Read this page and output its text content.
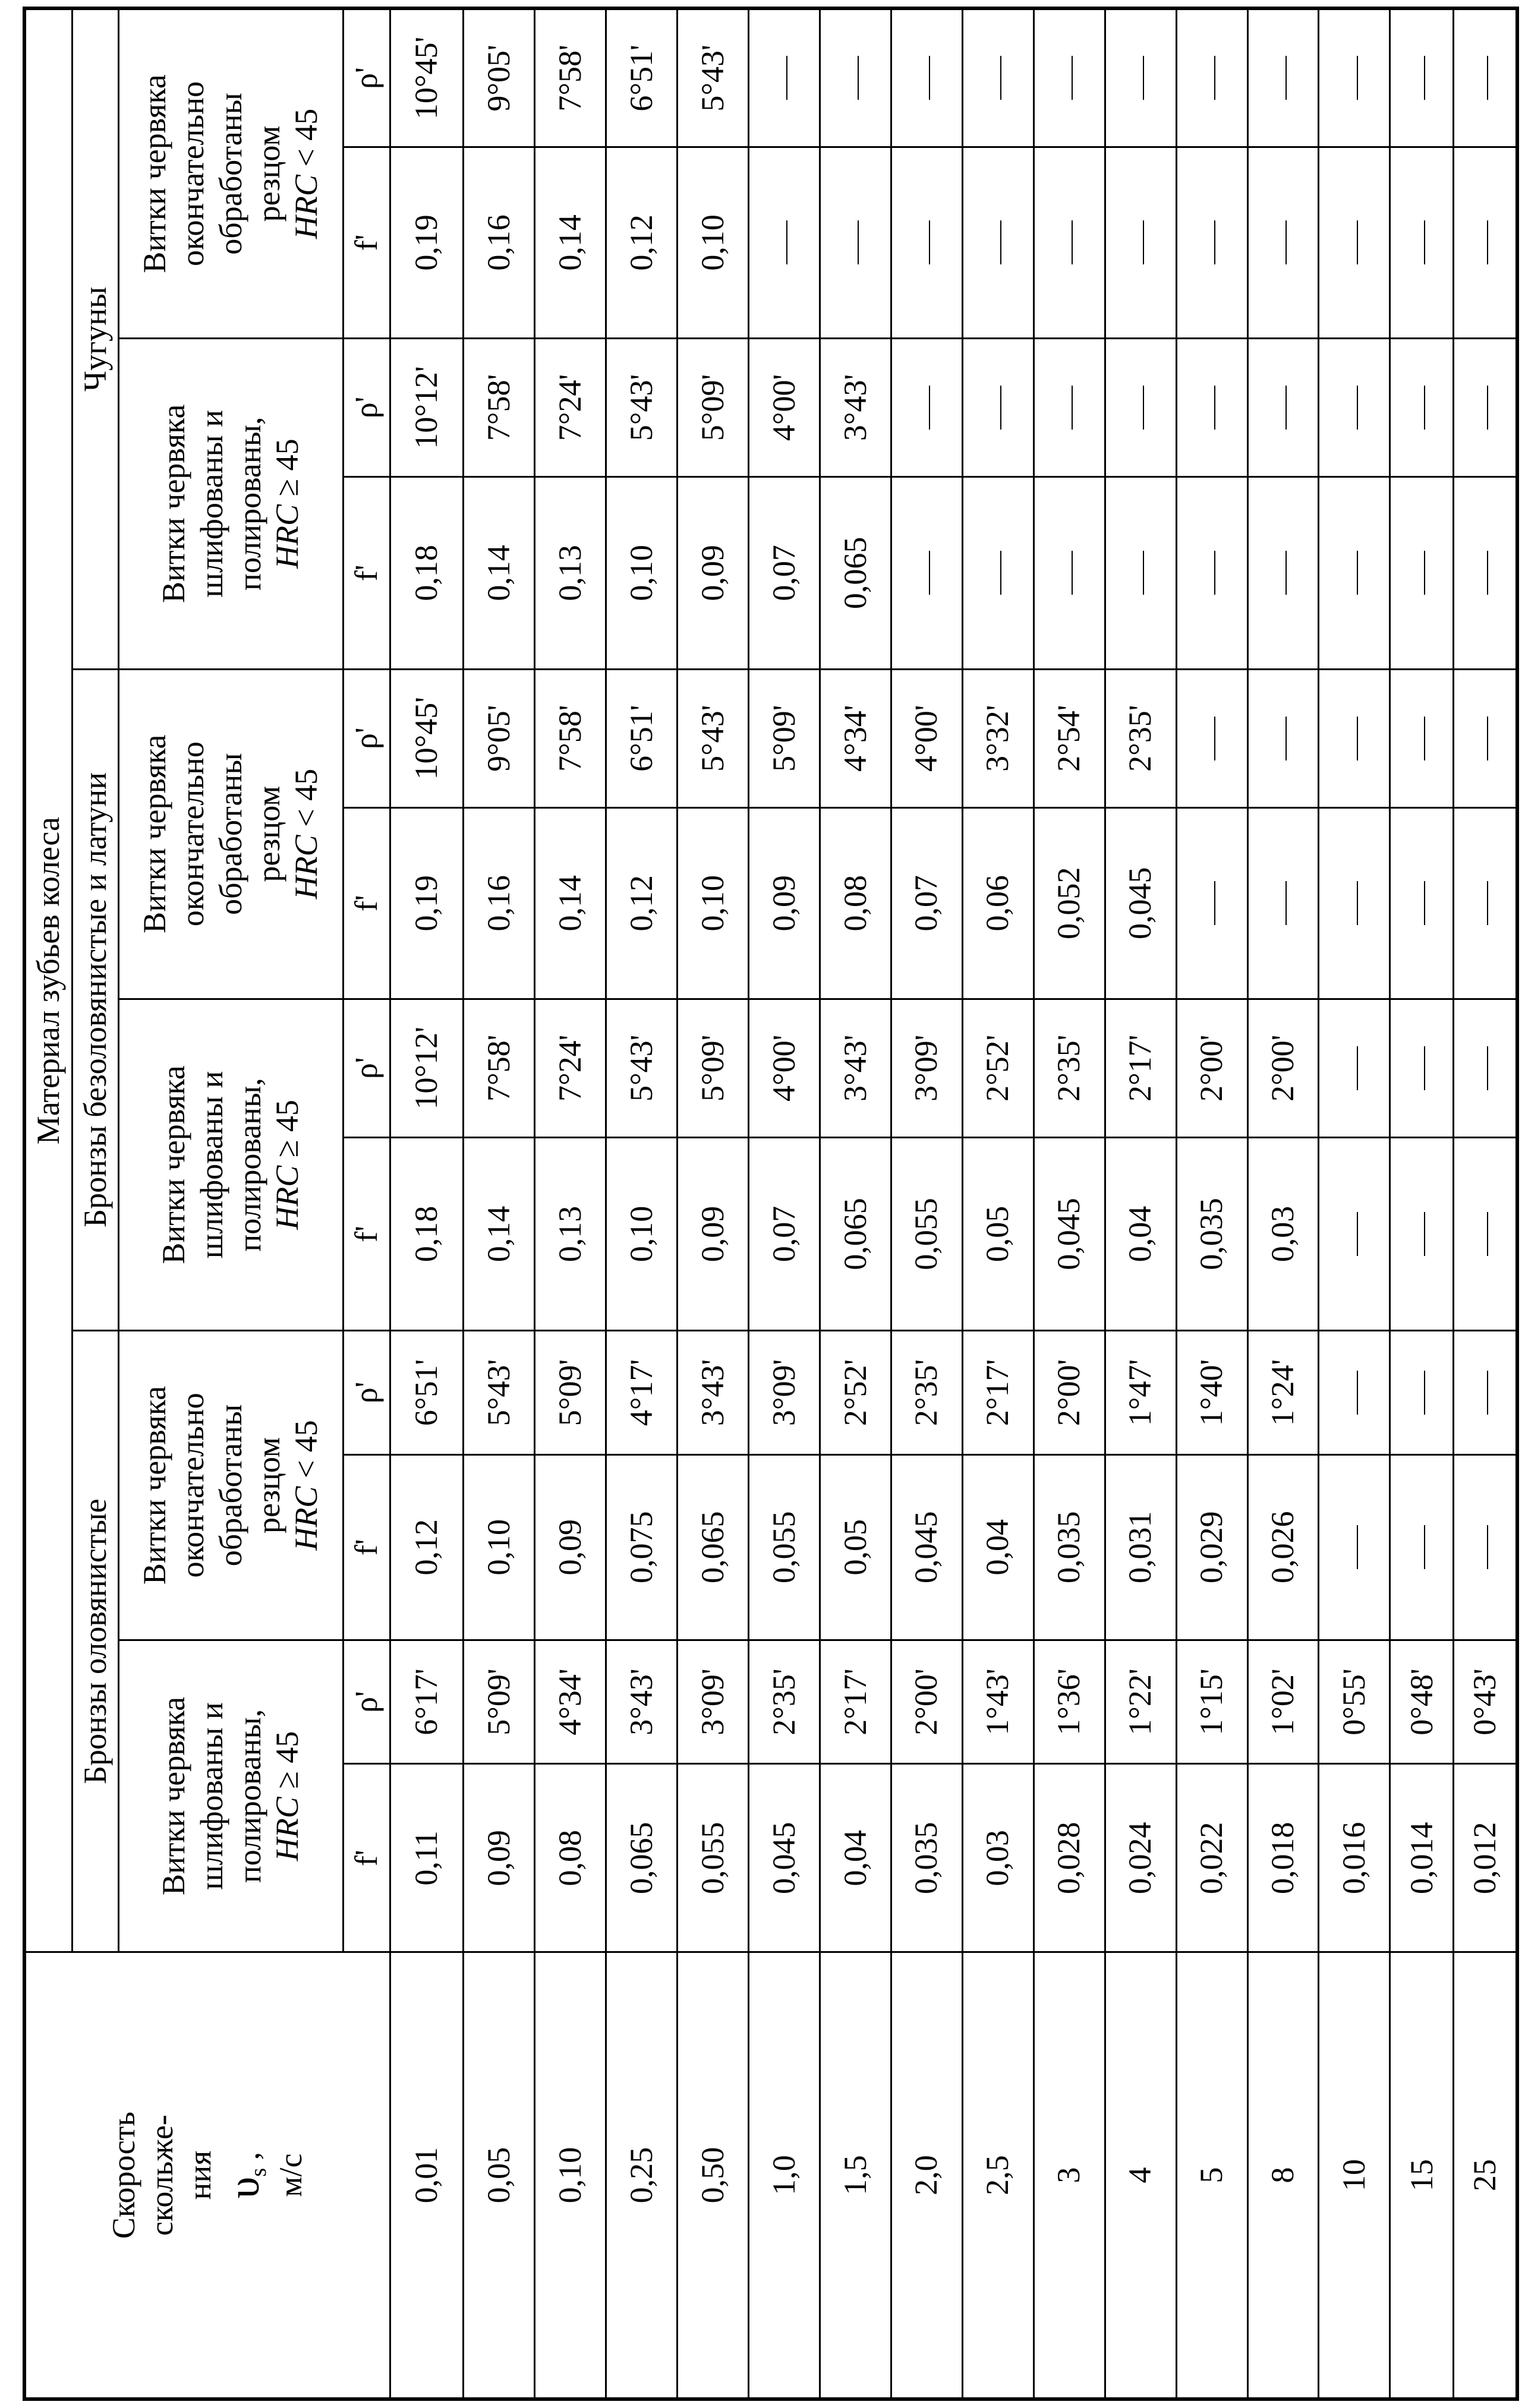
Скорость
скольже-
ния
$\upsilon_s$ , м/с	Материал зубьев колеса											
	Бронзы оловянистые				Бронзы безоловянистые и латуни				Чугуны			
	Витки червяка
шлифованы и
полированы,
HRC ≥ 45		Витки червяка
окончательно
обработаны
резцом
HRC < 45		Витки червяка
шлифованы и
полированы,
HRC ≥ 45		Витки червяка
окончательно
обработаны
резцом
HRC < 45		Витки червяка
шлифованы и
полированы,
HRC ≥ 45		Витки червяка
окончательно
обработаны
резцом
HRC < 45	
	f'	ρ'	f'	ρ'	f'	ρ'	f'	ρ'	f'	ρ'	f'	ρ'
0,01	0,11	6°17'	0,12	6°51'	0,18	10°12'	0,19	10°45'	0,18	10°12'	0,19	10°45'
0,05	0,09	5°09'	0,10	5°43'	0,14	7°58'	0,16	9°05'	0,14	7°58'	0,16	9°05'
0,10	0,08	4°34'	0,09	5°09'	0,13	7°24'	0,14	7°58'	0,13	7°24'	0,14	7°58'
0,25	0,065	3°43'	0,075	4°17'	0,10	5°43'	0,12	6°51'	0,10	5°43'	0,12	6°51'
0,50	0,055	3°09'	0,065	3°43'	0,09	5°09'	0,10	5°43'	0,09	5°09'	0,10	5°43'
1,0	0,045	2°35'	0,055	3°09'	0,07	4°00'	0,09	5°09'	0,07	4°00'		
1,5	0,04	2°17'	0,05	2°52'	0,065	3°43'	0,08	4°34'	0,065	3°43'		
2,0	0,035	2°00'	0,045	2°35'	0,055	3°09'	0,07	4°00'				
2,5	0,03	1°43'	0,04	2°17'	0,05	2°52'	0,06	3°32'				
3	0,028	1°36'	0,035	2°00'	0,045	2°35'	0,052	2°54'				
4	0,024	1°22'	0,031	1°47'	0,04	2°17'	0,045	2°35'				
5	0,022	1°15'	0,029	1°40'	0,035	2°00'						
8	0,018	1°02'	0,026	1°24'	0,03	2°00'						
10	0,016	0°55'										
15	0,014	0°48'										
25	0,012	0°43'										
